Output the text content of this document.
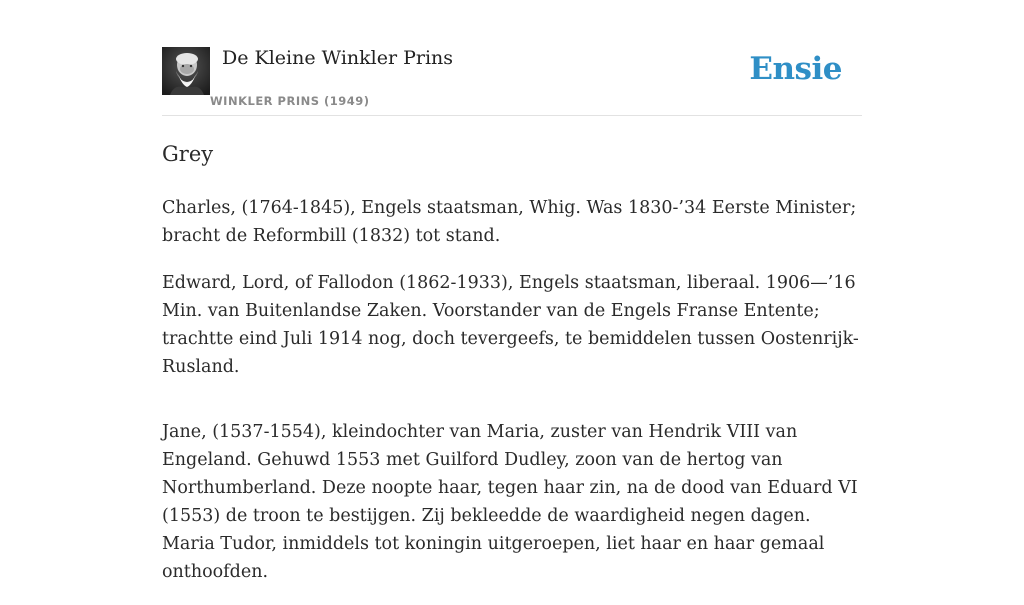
De Kleine Winkler Prins
WINKLER PRINS (1949)
Ensie
Grey

Charles, (1764-1845), Engels staatsman, Whig. Was 1830-’34 Eerste Minister; bracht de Reformbill (1832) tot stand.

Edward, Lord, of Fallodon (1862-1933), Engels staatsman, liberaal. 1906—’16 Min. van Buitenlandse Zaken. Voorstander van de Engels Franse Entente; trachtte eind Juli 1914 nog, doch tevergeefs, te bemiddelen tussen Oostenrijk-Rusland.

Jane, (1537-1554), kleindochter van Maria, zuster van Hendrik VIII van Engeland. Gehuwd 1553 met Guilford Dudley, zoon van de hertog van Northumberland. Deze noopte haar, tegen haar zin, na de dood van Eduard VI (1553) de troon te bestijgen. Zij bekleedde de waardigheid negen dagen. Maria Tudor, inmiddels tot koningin uitgeroepen, liet haar en haar gemaal onthoofden.
